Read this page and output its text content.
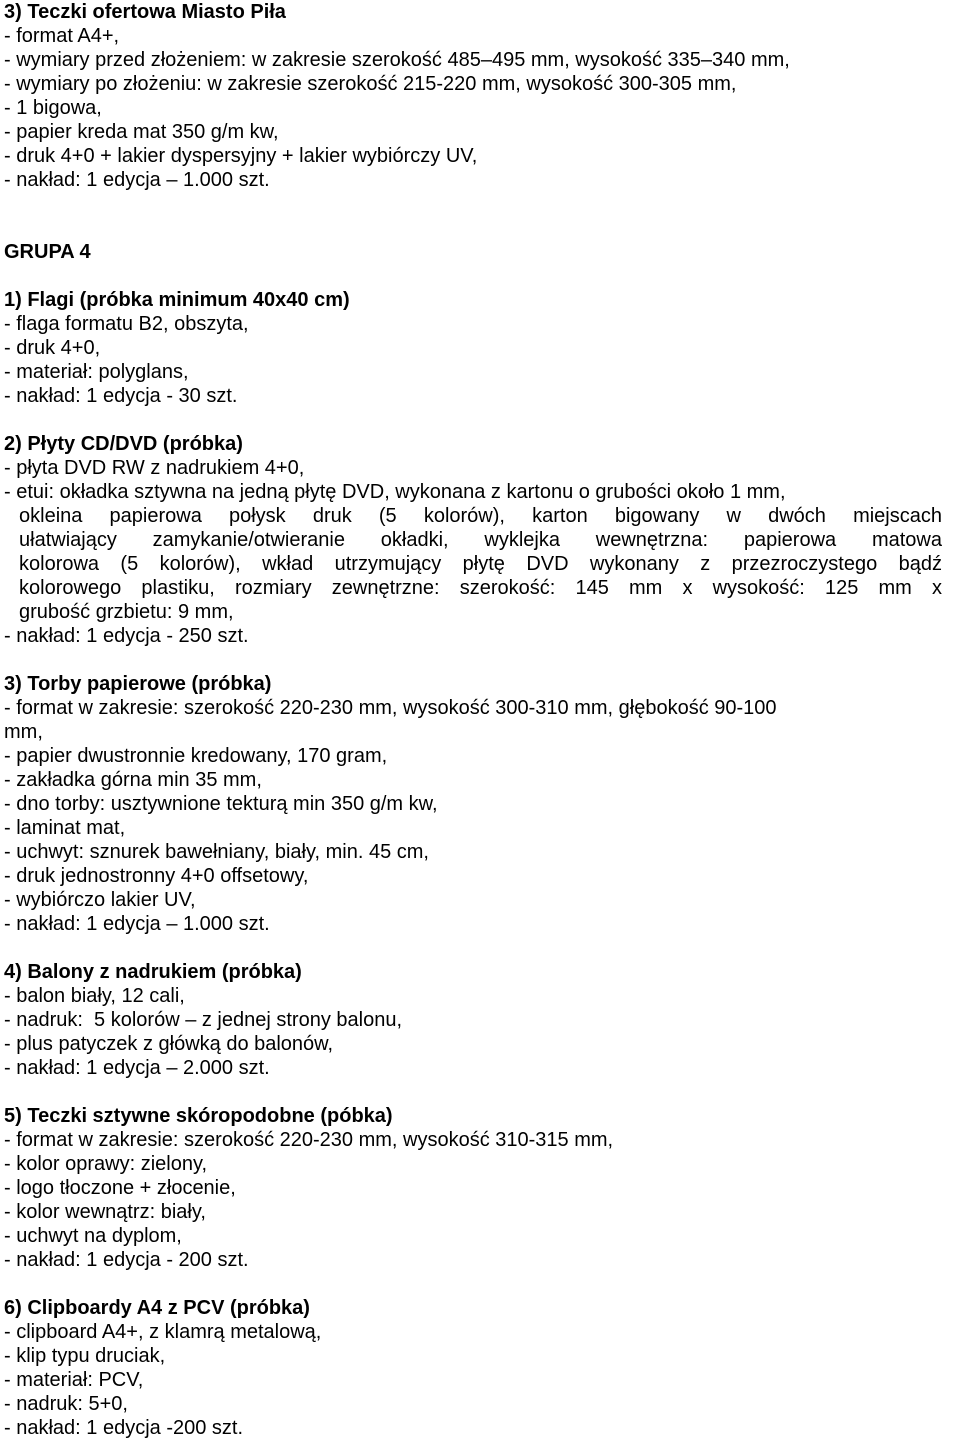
3) Teczki ofertowa Miasto Piła
- format A4+,
- wymiary przed złożeniem: w zakresie szerokość 485–495 mm, wysokość 335–340 mm,
- wymiary po złożeniu: w zakresie szerokość 215-220 mm, wysokość 300-305 mm,
- 1 bigowa,
- papier kreda mat 350 g/m kw,
- druk 4+0 + lakier dyspersyjny + lakier wybiórczy UV,
- nakład: 1 edycja – 1.000 szt.
GRUPA 4
1) Flagi (próbka minimum 40x40 cm)
- flaga formatu B2, obszyta,
- druk 4+0,
- materiał: polyglans,
- nakład: 1 edycja - 30 szt.
2) Płyty CD/DVD (próbka)
- płyta DVD RW z nadrukiem 4+0,
- etui: okładka sztywna na jedną płytę DVD, wykonana z kartonu o grubości około 1 mm,
okleina papierowa połysk druk (5 kolorów), karton bigowany w dwóch miejscach
ułatwiający zamykanie/otwieranie okładki, wyklejka wewnętrzna: papierowa matowa
kolorowa (5 kolorów), wkład utrzymujący płytę DVD wykonany z przezroczystego bądź
kolorowego plastiku, rozmiary zewnętrzne: szerokość: 145 mm x wysokość: 125 mm x
grubość grzbietu: 9 mm,
- nakład: 1 edycja - 250 szt.
3) Torby papierowe (próbka)
- format w zakresie: szerokość 220-230 mm, wysokość 300-310 mm, głębokość 90-100
mm,
- papier dwustronnie kredowany, 170 gram,
- zakładka górna min 35 mm,
- dno torby: usztywnione tekturą min 350 g/m kw,
- laminat mat,
- uchwyt: sznurek bawełniany, biały, min. 45 cm,
- druk jednostronny 4+0 offsetowy,
- wybiórczo lakier UV,
- nakład: 1 edycja – 1.000 szt.
4) Balony z nadrukiem (próbka)
- balon biały, 12 cali,
- nadruk:  5 kolorów – z jednej strony balonu,
- plus patyczek z główką do balonów,
- nakład: 1 edycja – 2.000 szt.
5) Teczki sztywne skóropodobne (póbka)
- format w zakresie: szerokość 220-230 mm, wysokość 310-315 mm,
- kolor oprawy: zielony,
- logo tłoczone + złocenie,
- kolor wewnątrz: biały,
- uchwyt na dyplom,
- nakład: 1 edycja - 200 szt.
6) Clipboardy A4 z PCV (próbka)
- clipboard A4+, z klamrą metalową,
- klip typu druciak,
- materiał: PCV,
- nadruk: 5+0,
- nakład: 1 edycja -200 szt.
